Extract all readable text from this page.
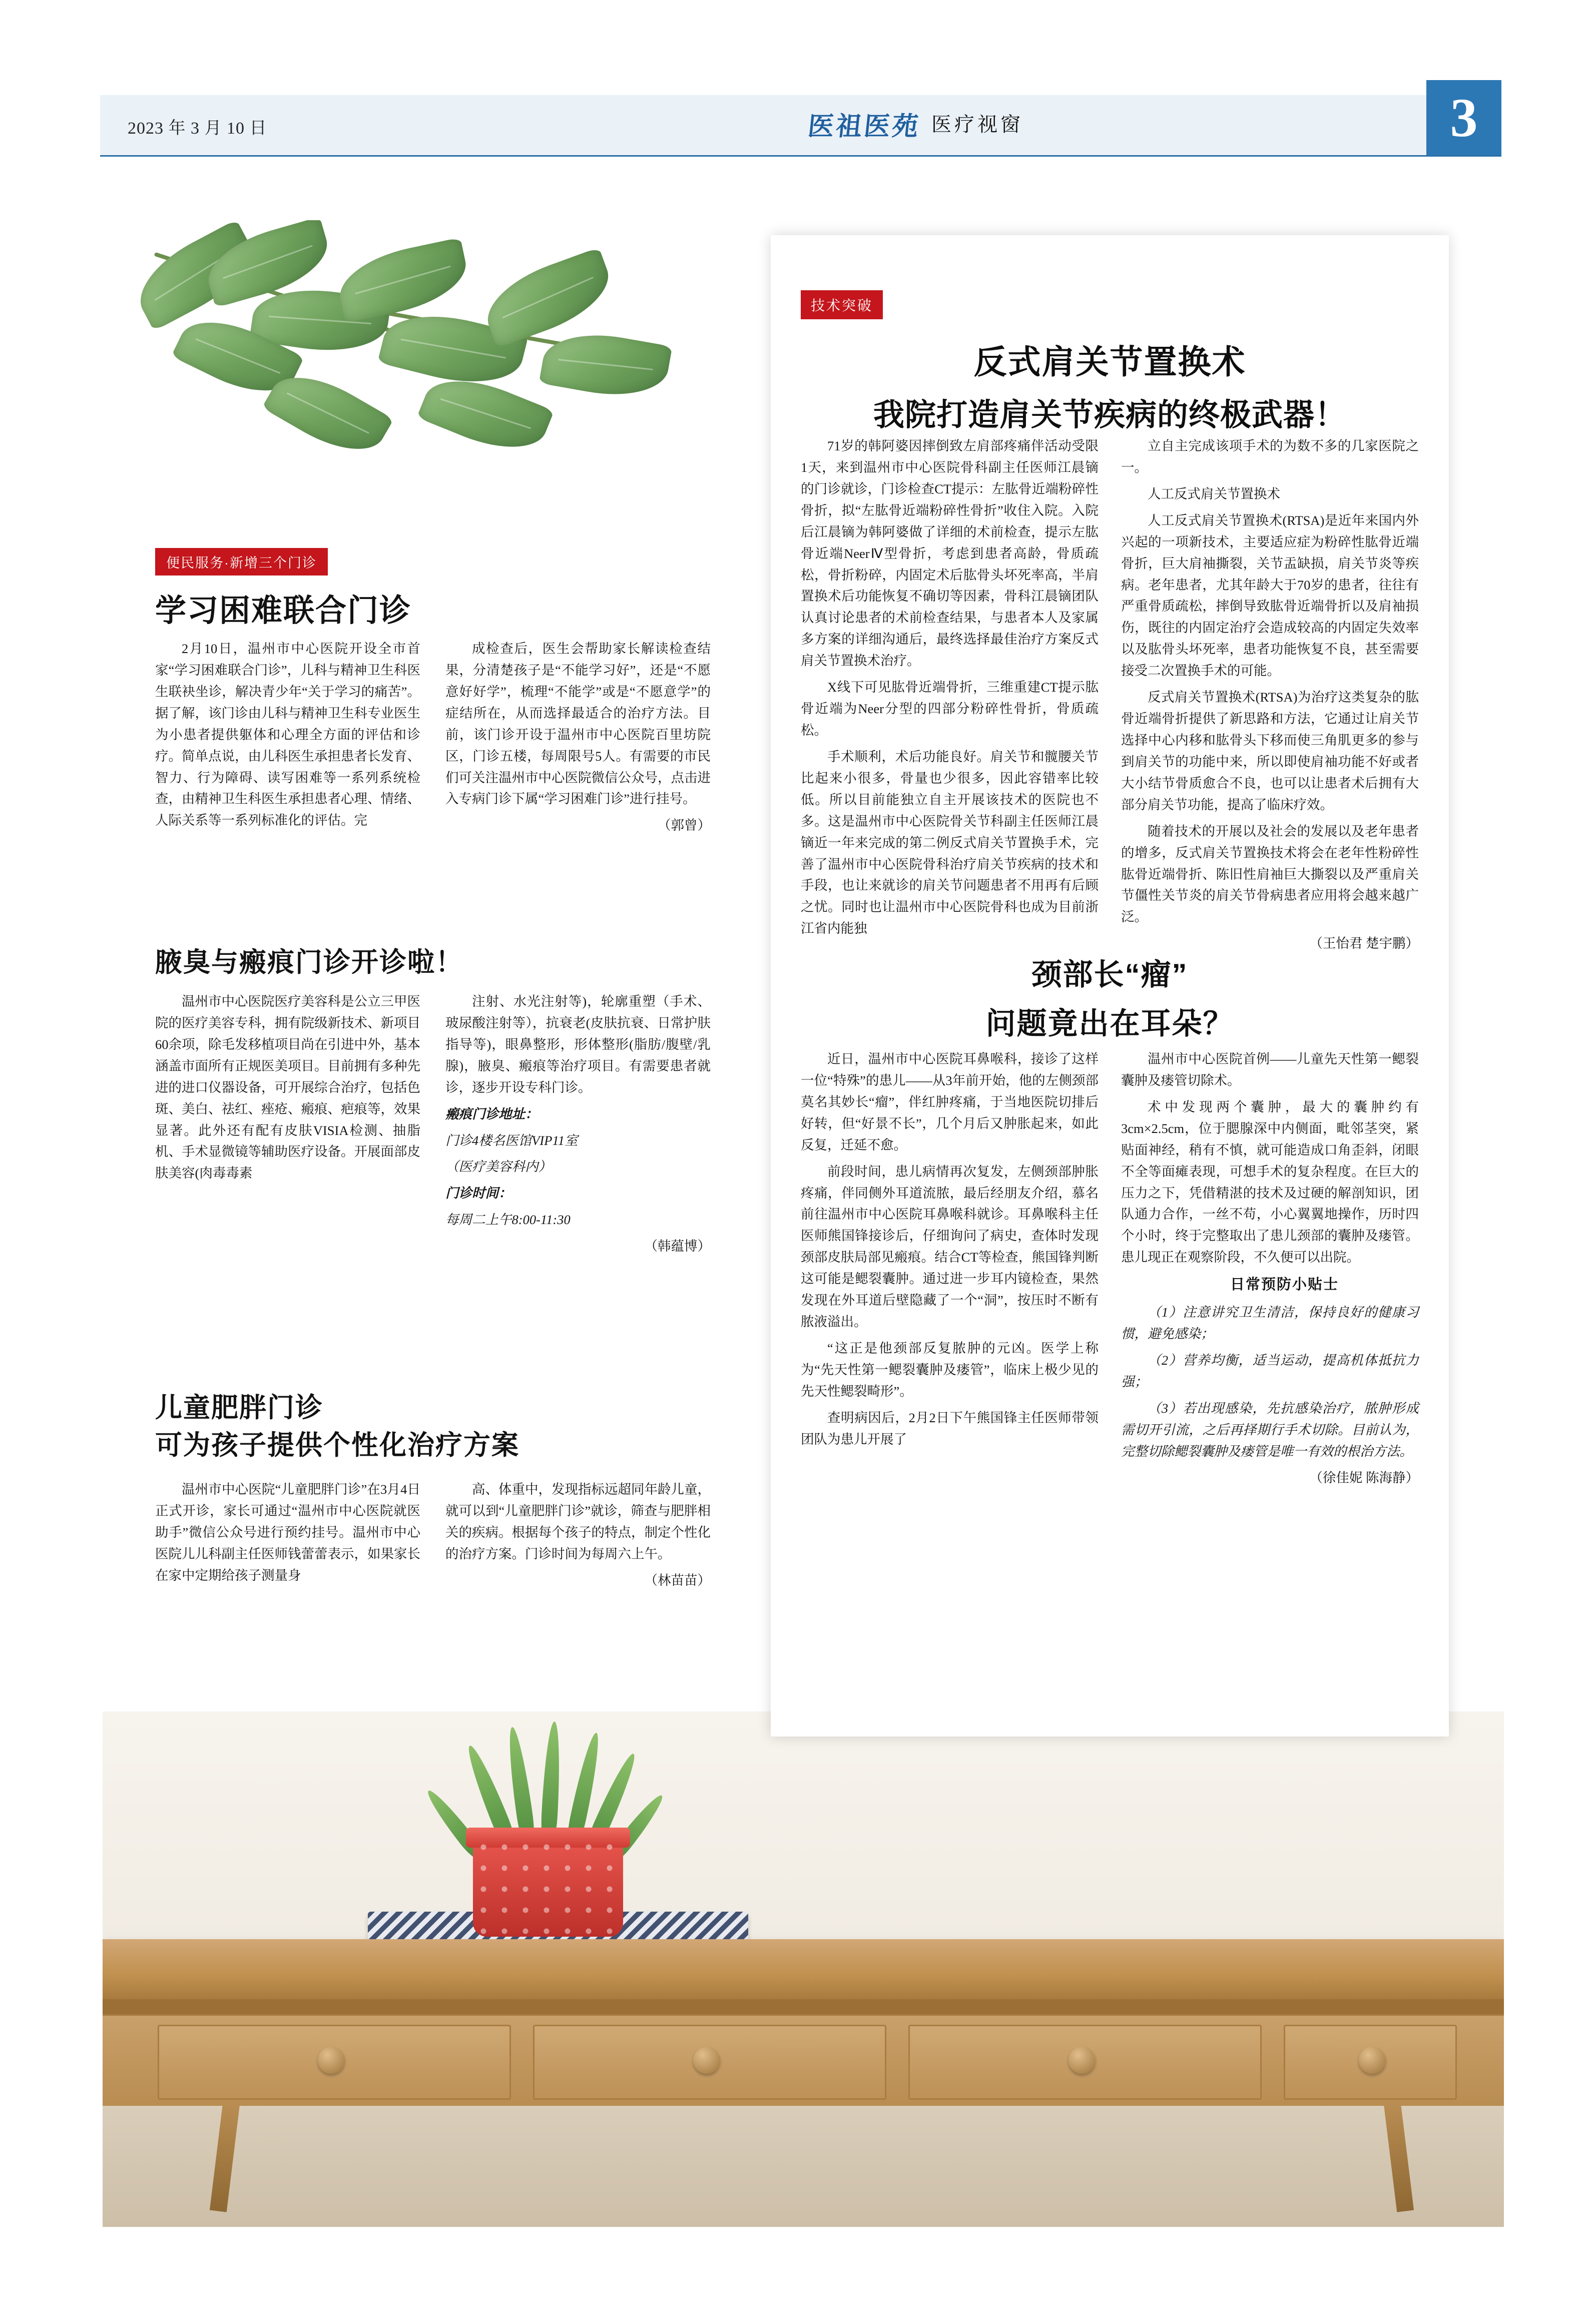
2023 年 3 月 10 日	医祖医苑 医疗视窗	3
便民服务·新增三个门诊
学习困难联合门诊

2月10日，温州市中心医院开设全市首家“学习困难联合门诊”，儿科与精神卫生科医生联袂坐诊，解决青少年“关于学习的痛苦”。据了解，该门诊由儿科与精神卫生科专业医生为小患者提供躯体和心理全方面的评估和诊疗。简单点说，由儿科医生承担患者长发育、智力、行为障碍、读写困难等一系列系统检查，由精神卫生科医生承担患者心理、情绪、人际关系等一系列标准化的评估。完

成检查后，医生会帮助家长解读检查结果，分清楚孩子是“不能学习好”，还是“不愿意好好学”，梳理“不能学”或是“不愿意学”的症结所在，从而选择最适合的治疗方法。目前，该门诊开设于温州市中心医院百里坊院区，门诊五楼，每周限号5人。有需要的市民们可关注温州市中心医院微信公众号，点击进入专病门诊下属“学习困难门诊”进行挂号。

（郭曾）

腋臭与瘢痕门诊开诊啦！

温州市中心医院医疗美容科是公立三甲医院的医疗美容专科，拥有院级新技术、新项目60余项，除毛发移植项目尚在引进中外，基本涵盖市面所有正规医美项目。目前拥有多种先进的进口仪器设备，可开展综合治疗，包括色斑、美白、祛红、痤疮、瘢痕、疤痕等，效果显著。此外还有配有皮肤VISIA检测、抽脂机、手术显微镜等辅助医疗设备。开展面部皮肤美容(肉毒毒素

注射、水光注射等)，轮廓重塑（手术、玻尿酸注射等），抗衰老(皮肤抗衰、日常护肤指导等)，眼鼻整形，形体整形(脂肪/腹壁/乳腺)，腋臭、瘢痕等治疗项目。有需要患者就诊，逐步开设专科门诊。

瘢痕门诊地址：

门诊4楼名医馆VIP11室

（医疗美容科内）

门诊时间：

每周二上午8:00-11:30

（韩蕴博）

儿童肥胖门诊
可为孩子提供个性化治疗方案

温州市中心医院“儿童肥胖门诊”在3月4日正式开诊，家长可通过“温州市中心医院就医助手”微信公众号进行预约挂号。温州市中心医院儿儿科副主任医师钱蕾蕾表示，如果家长在家中定期给孩子测量身

高、体重中，发现指标远超同年龄儿童，就可以到“儿童肥胖门诊”就诊，筛查与肥胖相关的疾病。根据每个孩子的特点，制定个性化的治疗方案。门诊时间为每周六上午。

（林苗苗）

技术突破
反式肩关节置换术
我院打造肩关节疾病的终极武器！

71岁的韩阿婆因摔倒致左肩部疼痛伴活动受限1天，来到温州市中心医院骨科副主任医师江晨镝的门诊就诊，门诊检查CT提示：左肱骨近端粉碎性骨折，拟“左肱骨近端粉碎性骨折”收住入院。入院后江晨镝为韩阿婆做了详细的术前检查，提示左肱骨近端NeerⅣ型骨折，考虑到患者高龄，骨质疏松，骨折粉碎，内固定术后肱骨头坏死率高，半肩置换术后功能恢复不确切等因素，骨科江晨镝团队认真讨论患者的术前检查结果，与患者本人及家属多方案的详细沟通后，最终选择最佳治疗方案反式肩关节置换术治疗。

X线下可见肱骨近端骨折，三维重建CT提示肱骨近端为Neer分型的四部分粉碎性骨折，骨质疏松。

手术顺利，术后功能良好。肩关节和髋腰关节比起来小很多，骨量也少很多，因此容错率比较低。所以目前能独立自主开展该技术的医院也不多。这是温州市中心医院骨关节科副主任医师江晨镝近一年来完成的第二例反式肩关节置换手术，完善了温州市中心医院骨科治疗肩关节疾病的技术和手段，也让来就诊的肩关节问题患者不用再有后顾之忧。同时也让温州市中心医院骨科也成为目前浙江省内能独

立自主完成该项手术的为数不多的几家医院之一。

人工反式肩关节置换术

人工反式肩关节置换术(RTSA)是近年来国内外兴起的一项新技术，主要适应症为粉碎性肱骨近端骨折，巨大肩袖撕裂，关节盂缺损，肩关节炎等疾病。老年患者，尤其年龄大于70岁的患者，往往有严重骨质疏松，摔倒导致肱骨近端骨折以及肩袖损伤，既往的内固定治疗会造成较高的内固定失效率以及肱骨头坏死率，患者功能恢复不良，甚至需要接受二次置换手术的可能。

反式肩关节置换术(RTSA)为治疗这类复杂的肱骨近端骨折提供了新思路和方法，它通过让肩关节选择中心内移和肱骨头下移而使三角肌更多的参与到肩关节的功能中来，所以即使肩袖功能不好或者大小结节骨质愈合不良，也可以让患者术后拥有大部分肩关节功能，提高了临床疗效。

随着技术的开展以及社会的发展以及老年患者的增多，反式肩关节置换技术将会在老年性粉碎性肱骨近端骨折、陈旧性肩袖巨大撕裂以及严重肩关节僵性关节炎的肩关节骨病患者应用将会越来越广泛。

（王怡君 楚宇鹏）

颈部长“瘤”
问题竟出在耳朵？

近日，温州市中心医院耳鼻喉科，接诊了这样一位“特殊”的患儿——从3年前开始，他的左侧颈部莫名其妙长“瘤”，伴红肿疼痛，于当地医院切排后好转，但“好景不长”，几个月后又肿胀起来，如此反复，迁延不愈。

前段时间，患儿病情再次复发，左侧颈部肿胀疼痛，伴同侧外耳道流脓，最后经朋友介绍，慕名前往温州市中心医院耳鼻喉科就诊。耳鼻喉科主任医师熊国锋接诊后，仔细询问了病史，查体时发现颈部皮肤局部见瘢痕。结合CT等检查，熊国锋判断这可能是鳃裂囊肿。通过进一步耳内镜检查，果然发现在外耳道后壁隐藏了一个“洞”，按压时不断有脓液溢出。

“这正是他颈部反复脓肿的元凶。医学上称为“先天性第一鳃裂囊肿及瘘管”，临床上极少见的先天性鳃裂畸形”。

查明病因后，2月2日下午熊国锋主任医师带领团队为患儿开展了

温州市中心医院首例——儿童先天性第一鳃裂囊肿及瘘管切除术。

术中发现两个囊肿，最大的囊肿约有3cm×2.5cm，位于腮腺深中内侧面，毗邻茎突，紧贴面神经，稍有不慎，就可能造成口角歪斜，闭眼不全等面瘫表现，可想手术的复杂程度。在巨大的压力之下，凭借精湛的技术及过硬的解剖知识，团队通力合作，一丝不苟，小心翼翼地操作，历时四个小时，终于完整取出了患儿颈部的囊肿及瘘管。患儿现正在观察阶段，不久便可以出院。

日常预防小贴士

（1）注意讲究卫生清洁，保持良好的健康习惯，避免感染；

（2）营养均衡，适当运动，提高机体抵抗力强；

（3）若出现感染，先抗感染治疗，脓肿形成需切开引流，之后再择期行手术切除。目前认为，完整切除鳃裂囊肿及瘘管是唯一有效的根治方法。

（徐佳妮 陈海静）
